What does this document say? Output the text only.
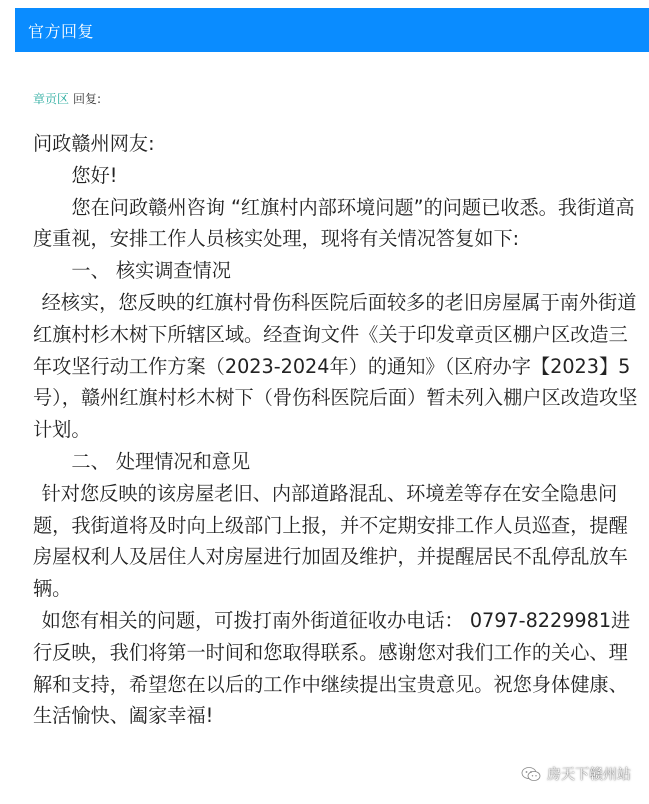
官方回复
章贡区 回复:

问政赣州网友:

您好!

您在问政赣州咨询 “红旗村内部环境问题”的问题已收悉。我街道高度重视，安排工作人员核实处理，现将有关情况答复如下:

一、 核实调查情况

经核实，您反映的红旗村骨伤科医院后面较多的老旧房屋属于南外街道红旗村杉木树下所辖区域。经查询文件《关于印发章贡区棚户区改造三年攻坚行动工作方案（2023-2024年）的通知》（区府办字【2023】5号），赣州红旗村杉木树下（骨伤科医院后面）暂未列入棚户区改造攻坚计划。

二、 处理情况和意见

针对您反映的该房屋老旧、内部道路混乱、环境差等存在安全隐患问题，我街道将及时向上级部门上报，并不定期安排工作人员巡查，提醒房屋权利人及居住人对房屋进行加固及维护，并提醒居民不乱停乱放车辆。

如您有相关的问题，可拨打南外街道征收办电话： 0797-8229981进行反映，我们将第一时间和您取得联系。感谢您对我们工作的关心、理解和支持，希望您在以后的工作中继续提出宝贵意见。祝您身体健康、生活愉快、阖家幸福!

房天下赣州站
